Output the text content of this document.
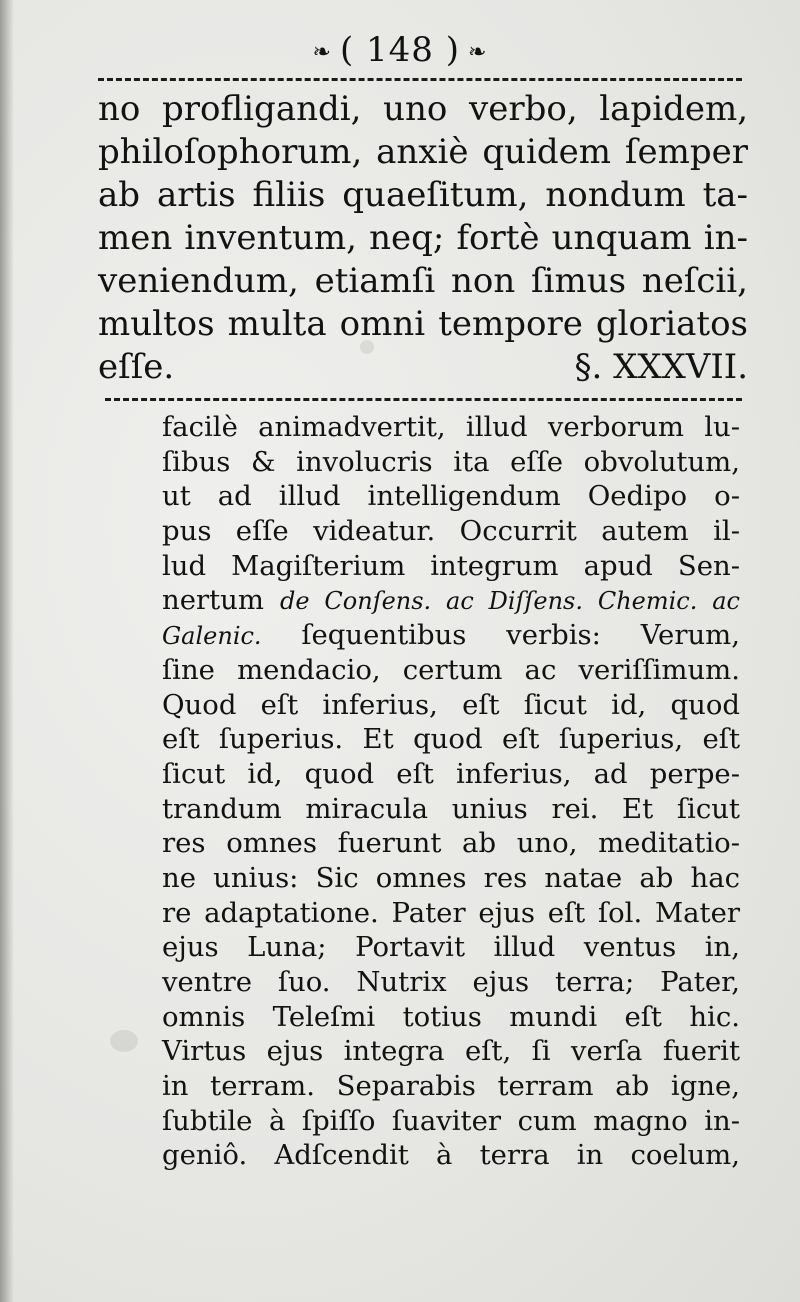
❧ ( 148 ) ❧
no profligandi, uno verbo, lapidem,
philoſophorum, anxiè quidem ſemper
ab artis filiis quaeſitum, nondum ta-
men inventum, neq; fortè unquam in-
veniendum, etiamſi non ſimus neſcii,
multos multa omni tempore gloriatos
eſſe.	§. XXXVII.
facilè animadvertit, illud verborum lu-
ſibus & involucris ita eſſe obvolutum,
ut ad illud intelligendum Oedipo o-
pus eſſe videatur. Occurrit autem il-
lud Magiſterium integrum apud Sen-
nertum de Conſens. ac Diſſens. Chemic. ac
Galenic. ſequentibus verbis: Verum,
ſine mendacio, certum ac veriſſimum.
Quod eſt inferius, eſt ſicut id, quod
eſt ſuperius. Et quod eſt ſuperius, eſt
ſicut id, quod eſt inferius, ad perpe-
trandum miracula unius rei. Et ſicut
res omnes fuerunt ab uno, meditatio-
ne unius: Sic omnes res natae ab hac
re adaptatione. Pater ejus eſt ſol. Mater
ejus Luna; Portavit illud ventus in,
ventre ſuo. Nutrix ejus terra; Pater,
omnis Teleſmi totius mundi eſt hic.
Virtus ejus integra eſt, ſi verſa fuerit
in terram. Separabis terram ab igne,
ſubtile à ſpiſſo ſuaviter cum magno in-
geniô. Adſcendit à terra in coelum,
